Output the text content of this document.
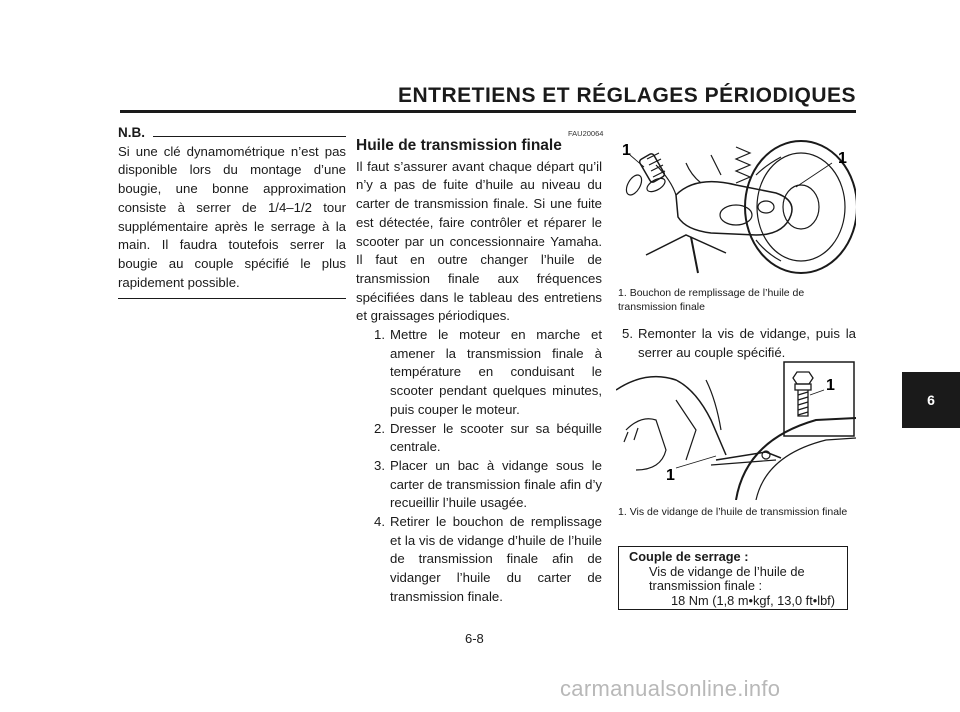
ENTRETIENS ET RÉGLAGES PÉRIODIQUES
N.B.
Si une clé dynamométrique n’est pas disponible lors du montage d’une bougie, une bonne approximation consiste à serrer de 1/4–1/2 tour supplémentaire après le serrage à la main. Il faudra toutefois serrer la bougie au couple spécifié le plus rapidement possible.
FAU20064
Huile de transmission finale
Il faut s’assurer avant chaque départ qu’il n’y a pas de fuite d’huile au niveau du carter de transmission finale. Si une fuite est détectée, faire contrôler et réparer le scooter par un concessionnaire Yamaha. Il faut en outre changer l’huile de transmission finale aux fréquences spécifiées dans le tableau des entretiens et graissages périodiques.
1. Mettre le moteur en marche et amener la transmission finale à température en conduisant le scooter pendant quelques minutes, puis couper le moteur.
2. Dresser le scooter sur sa béquille centrale.
3. Placer un bac à vidange sous le carter de transmission finale afin d’y recueillir l’huile usagée.
4. Retirer le bouchon de remplissage et la vis de vidange d’huile de l’huile de transmission finale afin de vidanger l’huile du carter de transmission finale.
1	1
1. Bouchon de remplissage de l’huile de transmission finale
5. Remonter la vis de vidange, puis la serrer au couple spécifié.
1
1
1. Vis de vidange de l’huile de transmission finale
Couple de serrage :
Vis de vidange de l’huile de transmission finale :
18 Nm (1,8 m•kgf, 13,0 ft•lbf)
6-8
6
carmanualsonline.info
